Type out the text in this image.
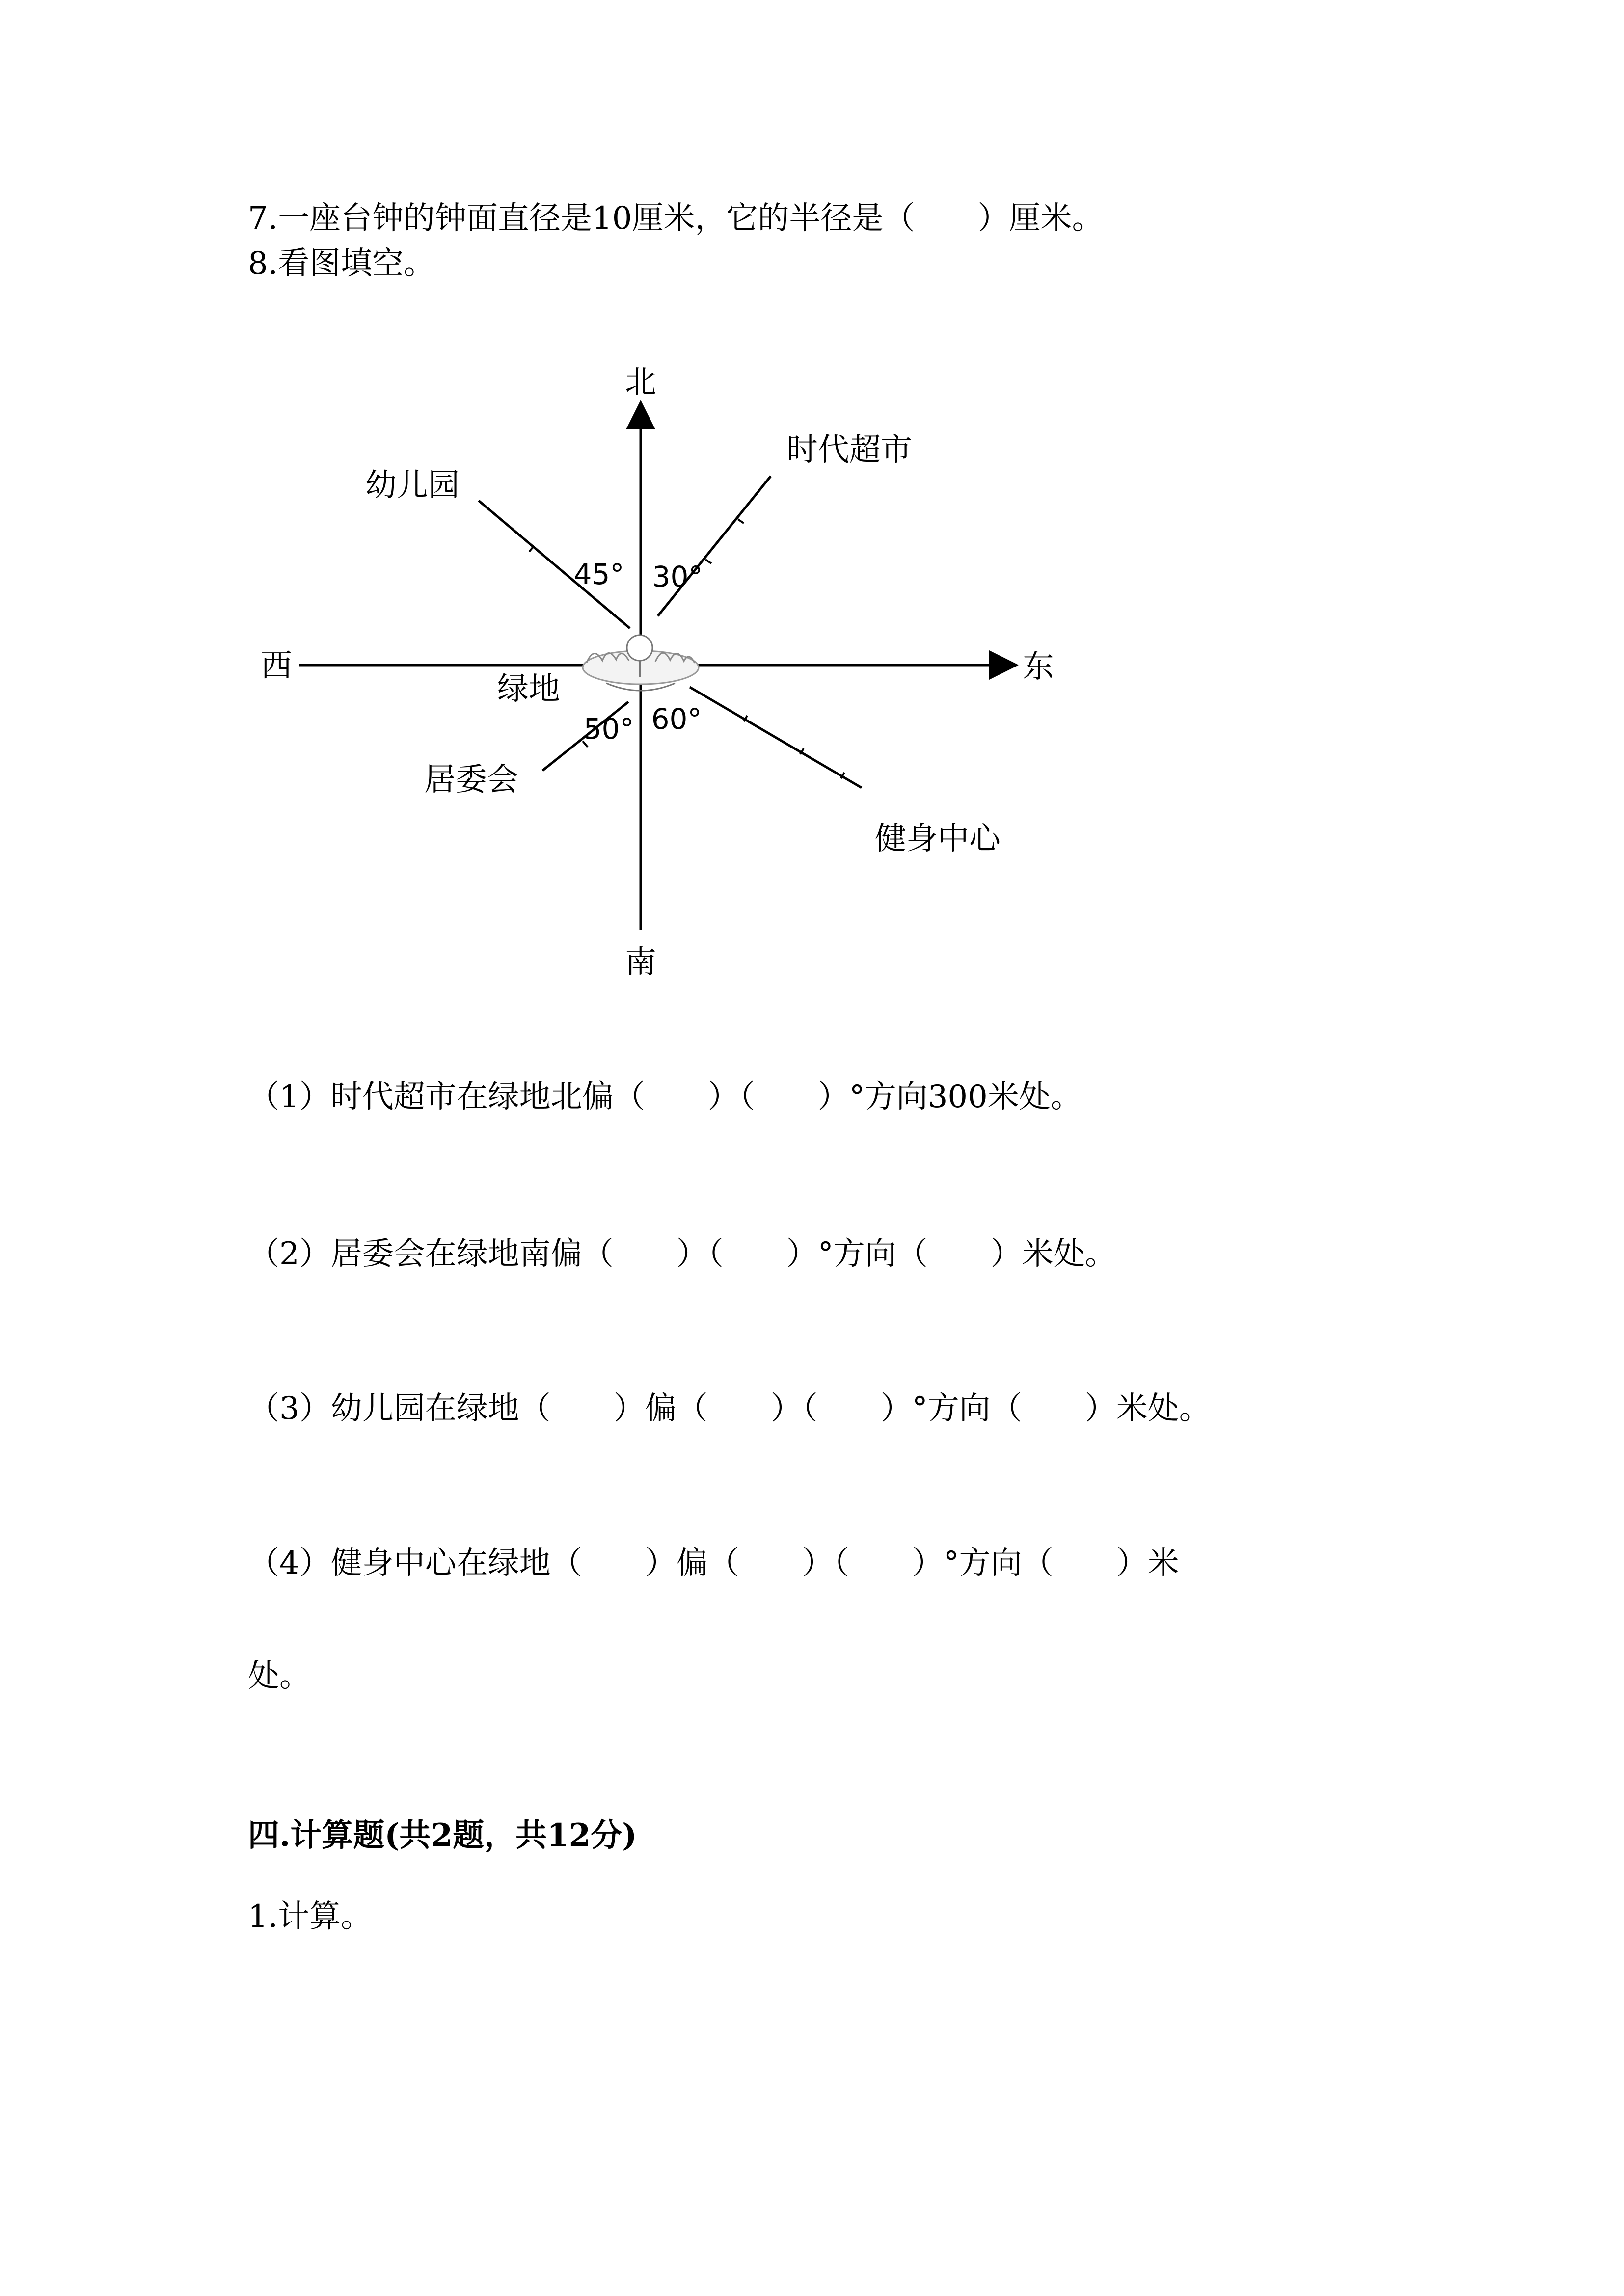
7.一座台钟的钟面直径是10厘米，它的半径是（　　）厘米。
8.看图填空。
北
南
西	东
绿地
幼儿园
时代超市
居委会
健身中心
45° 30°
50° 60°
（1）时代超市在绿地北偏（　　）（　　）°方向300米处。
（2）居委会在绿地南偏（　　）（　　）°方向（　　）米处。
（3）幼儿园在绿地（　　）偏（　　）（　　）°方向（　　）米处。
（4）健身中心在绿地（　　）偏（　　）（　　）°方向（　　）米
处。
四.计算题(共2题，共12分)
1.计算。
